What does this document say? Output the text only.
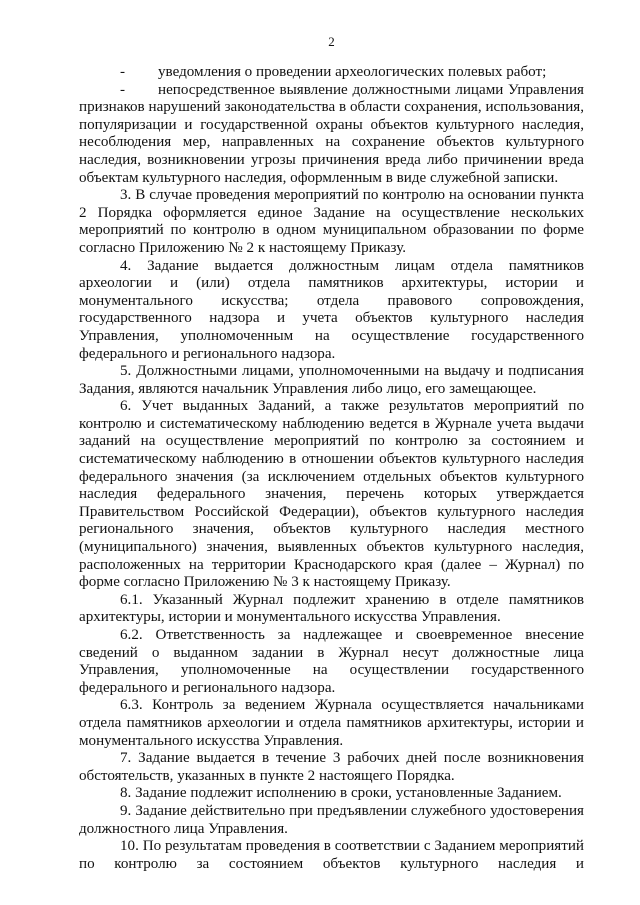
2

- уведомления о проведении археологических полевых работ;

- непосредственное выявление должностными лицами Управления признаков нарушений законодательства в области сохранения, использования, популяризации и государственной охраны объектов культурного наследия, несоблюдения мер, направленных на сохранение объектов культурного наследия, возникновении угрозы причинения вреда либо причинении вреда объектам культурного наследия, оформленным в виде служебной записки.

3. В случае проведения мероприятий по контролю на основании пункта 2 Порядка оформляется единое Задание на осуществление нескольких мероприятий по контролю в одном муниципальном образовании по форме согласно Приложению № 2 к настоящему Приказу.

4. Задание выдается должностным лицам отдела памятников археологии и (или) отдела памятников архитектуры, истории и монументального искусства; отдела правового сопровождения, государственного надзора и учета объектов культурного наследия Управления, уполномоченным на осуществление государственного федерального и регионального надзора.

5. Должностными лицами, уполномоченными на выдачу и подписания Задания, являются начальник Управления либо лицо, его замещающее.

6. Учет выданных Заданий, а также результатов мероприятий по контролю и систематическому наблюдению ведется в Журнале учета выдачи заданий на осуществление мероприятий по контролю за состоянием и систематическому наблюдению в отношении объектов культурного наследия федерального значения (за исключением отдельных объектов культурного наследия федерального значения, перечень которых утверждается Правительством Российской Федерации), объектов культурного наследия регионального значения, объектов культурного наследия местного (муниципального) значения, выявленных объектов культурного наследия, расположенных на территории Краснодарского края (далее – Журнал) по форме согласно Приложению № 3 к настоящему Приказу.

6.1. Указанный Журнал подлежит хранению в отделе памятников архитектуры, истории и монументального искусства Управления.

6.2. Ответственность за надлежащее и своевременное внесение сведений о выданном задании в Журнал несут должностные лица Управления, уполномоченные на осуществлении государственного федерального и регионального надзора.

6.3. Контроль за ведением Журнала осуществляется начальниками отдела памятников археологии и отдела памятников архитектуры, истории и монументального искусства Управления.

7. Задание выдается в течение 3 рабочих дней после возникновения обстоятельств, указанных в пункте 2 настоящего Порядка.

8. Задание подлежит исполнению в сроки, установленные Заданием.

9. Задание действительно при предъявлении служебного удостоверения должностного лица Управления.

10. По результатам проведения в соответствии с Заданием мероприятий по контролю за состоянием объектов культурного наследия и
